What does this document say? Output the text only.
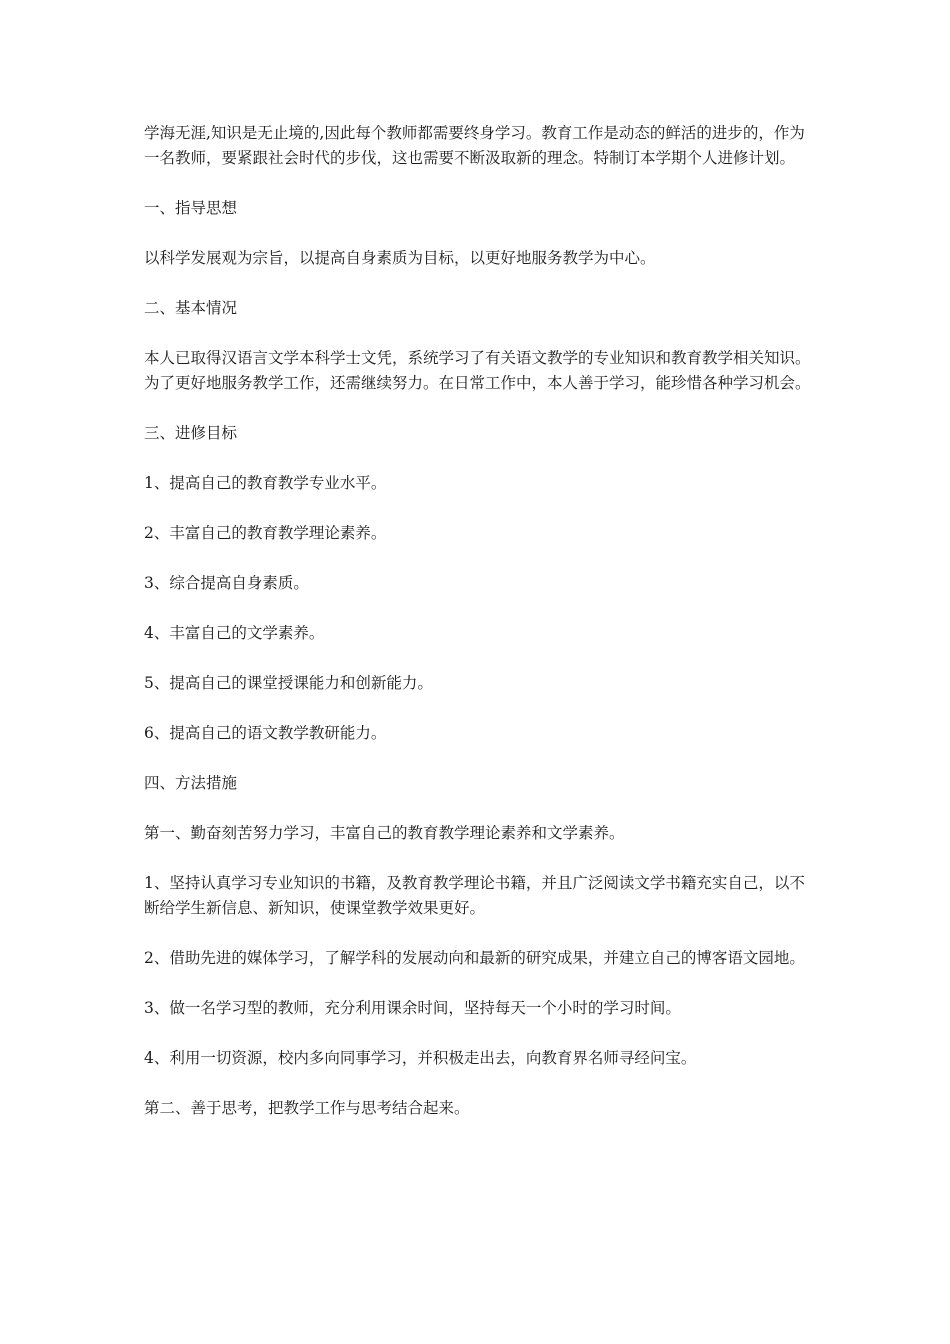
学海无涯,知识是无止境的,因此每个教师都需要终身学习。教育工作是动态的鲜活的进步的，作为一名教师，要紧跟社会时代的步伐，这也需要不断汲取新的理念。特制订本学期个人进修计划。

一、指导思想

以科学发展观为宗旨，以提高自身素质为目标，以更好地服务教学为中心。

二、基本情况

本人已取得汉语言文学本科学士文凭，系统学习了有关语文教学的专业知识和教育教学相关知识。为了更好地服务教学工作，还需继续努力。在日常工作中，本人善于学习，能珍惜各种学习机会。

三、进修目标

1、提高自己的教育教学专业水平。

2、丰富自己的教育教学理论素养。

3、综合提高自身素质。

4、丰富自己的文学素养。

5、提高自己的课堂授课能力和创新能力。

6、提高自己的语文教学教研能力。

四、方法措施

第一、勤奋刻苦努力学习，丰富自己的教育教学理论素养和文学素养。

1、坚持认真学习专业知识的书籍，及教育教学理论书籍，并且广泛阅读文学书籍充实自己，以不断给学生新信息、新知识，使课堂教学效果更好。

2、借助先进的媒体学习，了解学科的发展动向和最新的研究成果，并建立自己的博客语文园地。

3、做一名学习型的教师，充分利用课余时间，坚持每天一个小时的学习时间。

4、利用一切资源，校内多向同事学习，并积极走出去，向教育界名师寻经问宝。

第二、善于思考，把教学工作与思考结合起来。
